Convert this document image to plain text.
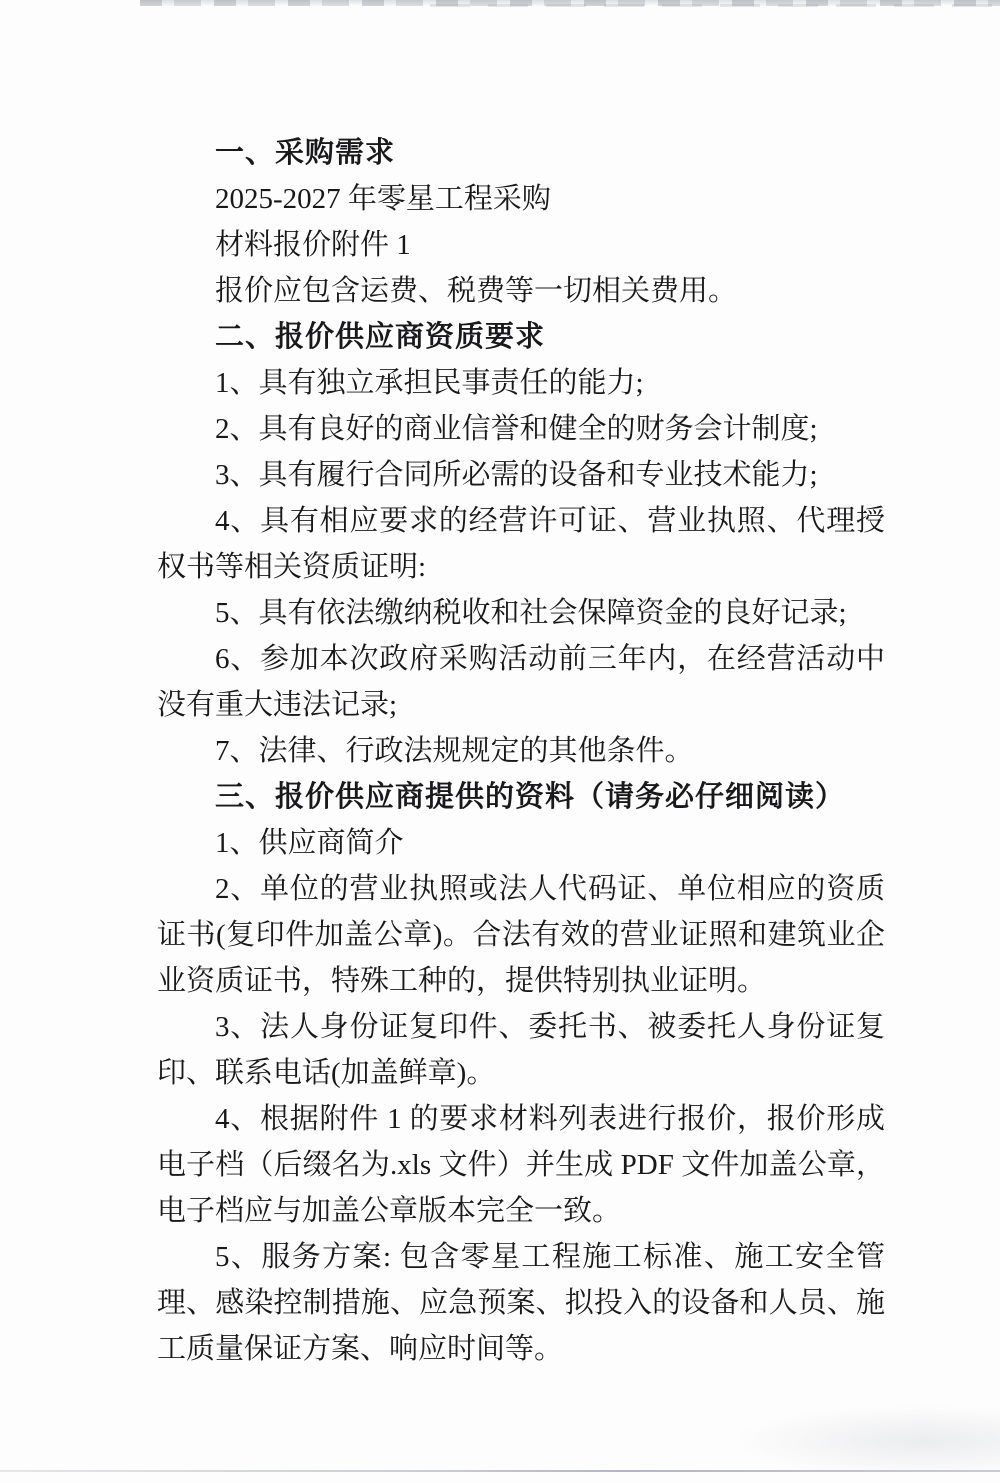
一、采购需求

2025-2027 年零星工程采购

材料报价附件 1

报价应包含运费、税费等一切相关费用。

二、报价供应商资质要求

1、具有独立承担民事责任的能力;

2、具有良好的商业信誉和健全的财务会计制度;

3、具有履行合同所必需的设备和专业技术能力;

4、具有相应要求的经营许可证、营业执照、代理授权书等相关资质证明:

5、具有依法缴纳税收和社会保障资金的良好记录;

6、参加本次政府采购活动前三年内，在经营活动中没有重大违法记录;

7、法律、行政法规规定的其他条件。

三、报价供应商提供的资料（请务必仔细阅读）

1、供应商简介

2、单位的营业执照或法人代码证、单位相应的资质证书(复印件加盖公章)。合法有效的营业证照和建筑业企业资质证书，特殊工种的，提供特别执业证明。

3、法人身份证复印件、委托书、被委托人身份证复印、联系电话(加盖鲜章)。

4、根据附件 1 的要求材料列表进行报价，报价形成电子档（后缀名为.xls 文件）并生成 PDF 文件加盖公章，电子档应与加盖公章版本完全一致。

5、服务方案: 包含零星工程施工标准、施工安全管理、感染控制措施、应急预案、拟投入的设备和人员、施工质量保证方案、响应时间等。
